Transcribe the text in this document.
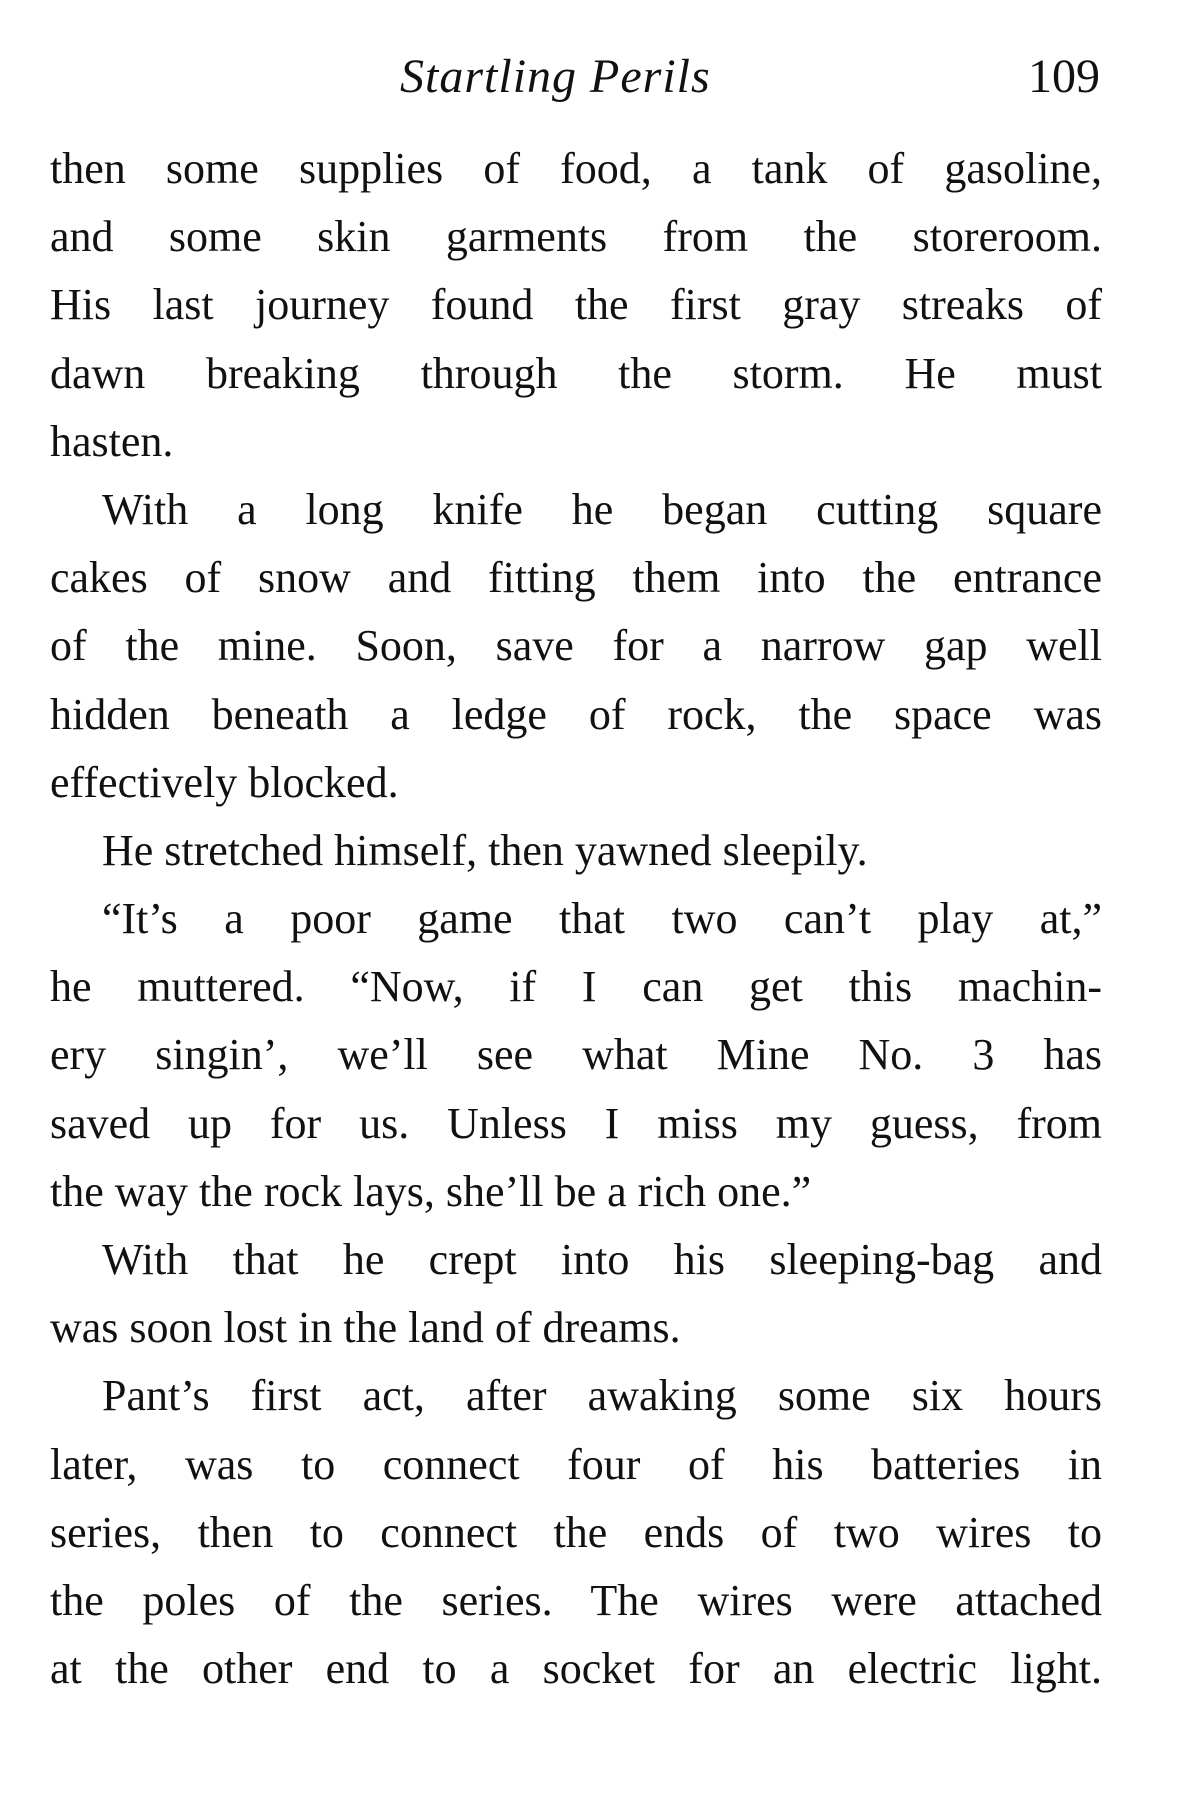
Startling Perils	109
then some supplies of food, a tank of gasoline,
and some skin garments from the storeroom.
His last journey found the first gray streaks of
dawn breaking through the storm. He must
hasten.
With a long knife he began cutting square
cakes of snow and fitting them into the entrance
of the mine. Soon, save for a narrow gap well
hidden beneath a ledge of rock, the space was
effectively blocked.
He stretched himself, then yawned sleepily.
“It’s a poor game that two can’t play at,”
he muttered. “Now, if I can get this machin-
ery singin’, we’ll see what Mine No. 3 has
saved up for us. Unless I miss my guess, from
the way the rock lays, she’ll be a rich one.”
With that he crept into his sleeping-bag and
was soon lost in the land of dreams.
Pant’s first act, after awaking some six hours
later, was to connect four of his batteries in
series, then to connect the ends of two wires to
the poles of the series. The wires were attached
at the other end to a socket for an electric light.
